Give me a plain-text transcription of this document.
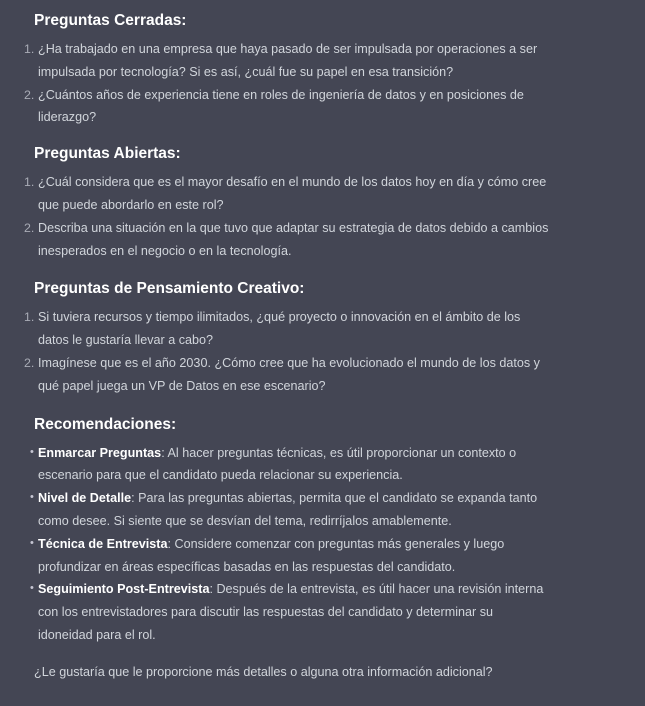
Preguntas Cerradas:
1. ¿Ha trabajado en una empresa que haya pasado de ser impulsada por operaciones a ser
impulsada por tecnología? Si es así, ¿cuál fue su papel en esa transición?
2. ¿Cuántos años de experiencia tiene en roles de ingeniería de datos y en posiciones de
liderazgo?
Preguntas Abiertas:
1. ¿Cuál considera que es el mayor desafío en el mundo de los datos hoy en día y cómo cree
que puede abordarlo en este rol?
2. Describa una situación en la que tuvo que adaptar su estrategia de datos debido a cambios
inesperados en el negocio o en la tecnología.
Preguntas de Pensamiento Creativo:
1. Si tuviera recursos y tiempo ilimitados, ¿qué proyecto o innovación en el ámbito de los
datos le gustaría llevar a cabo?
2. Imagínese que es el año 2030. ¿Cómo cree que ha evolucionado el mundo de los datos y
qué papel juega un VP de Datos en ese escenario?
Recomendaciones:
• Enmarcar Preguntas: Al hacer preguntas técnicas, es útil proporcionar un contexto o
escenario para que el candidato pueda relacionar su experiencia.
• Nivel de Detalle: Para las preguntas abiertas, permita que el candidato se expanda tanto
como desee. Si siente que se desvían del tema, redirríjalos amablemente.
• Técnica de Entrevista: Considere comenzar con preguntas más generales y luego
profundizar en áreas específicas basadas en las respuestas del candidato.
• Seguimiento Post-Entrevista: Después de la entrevista, es útil hacer una revisión interna
con los entrevistadores para discutir las respuestas del candidato y determinar su
idoneidad para el rol.

¿Le gustaría que le proporcione más detalles o alguna otra información adicional?
